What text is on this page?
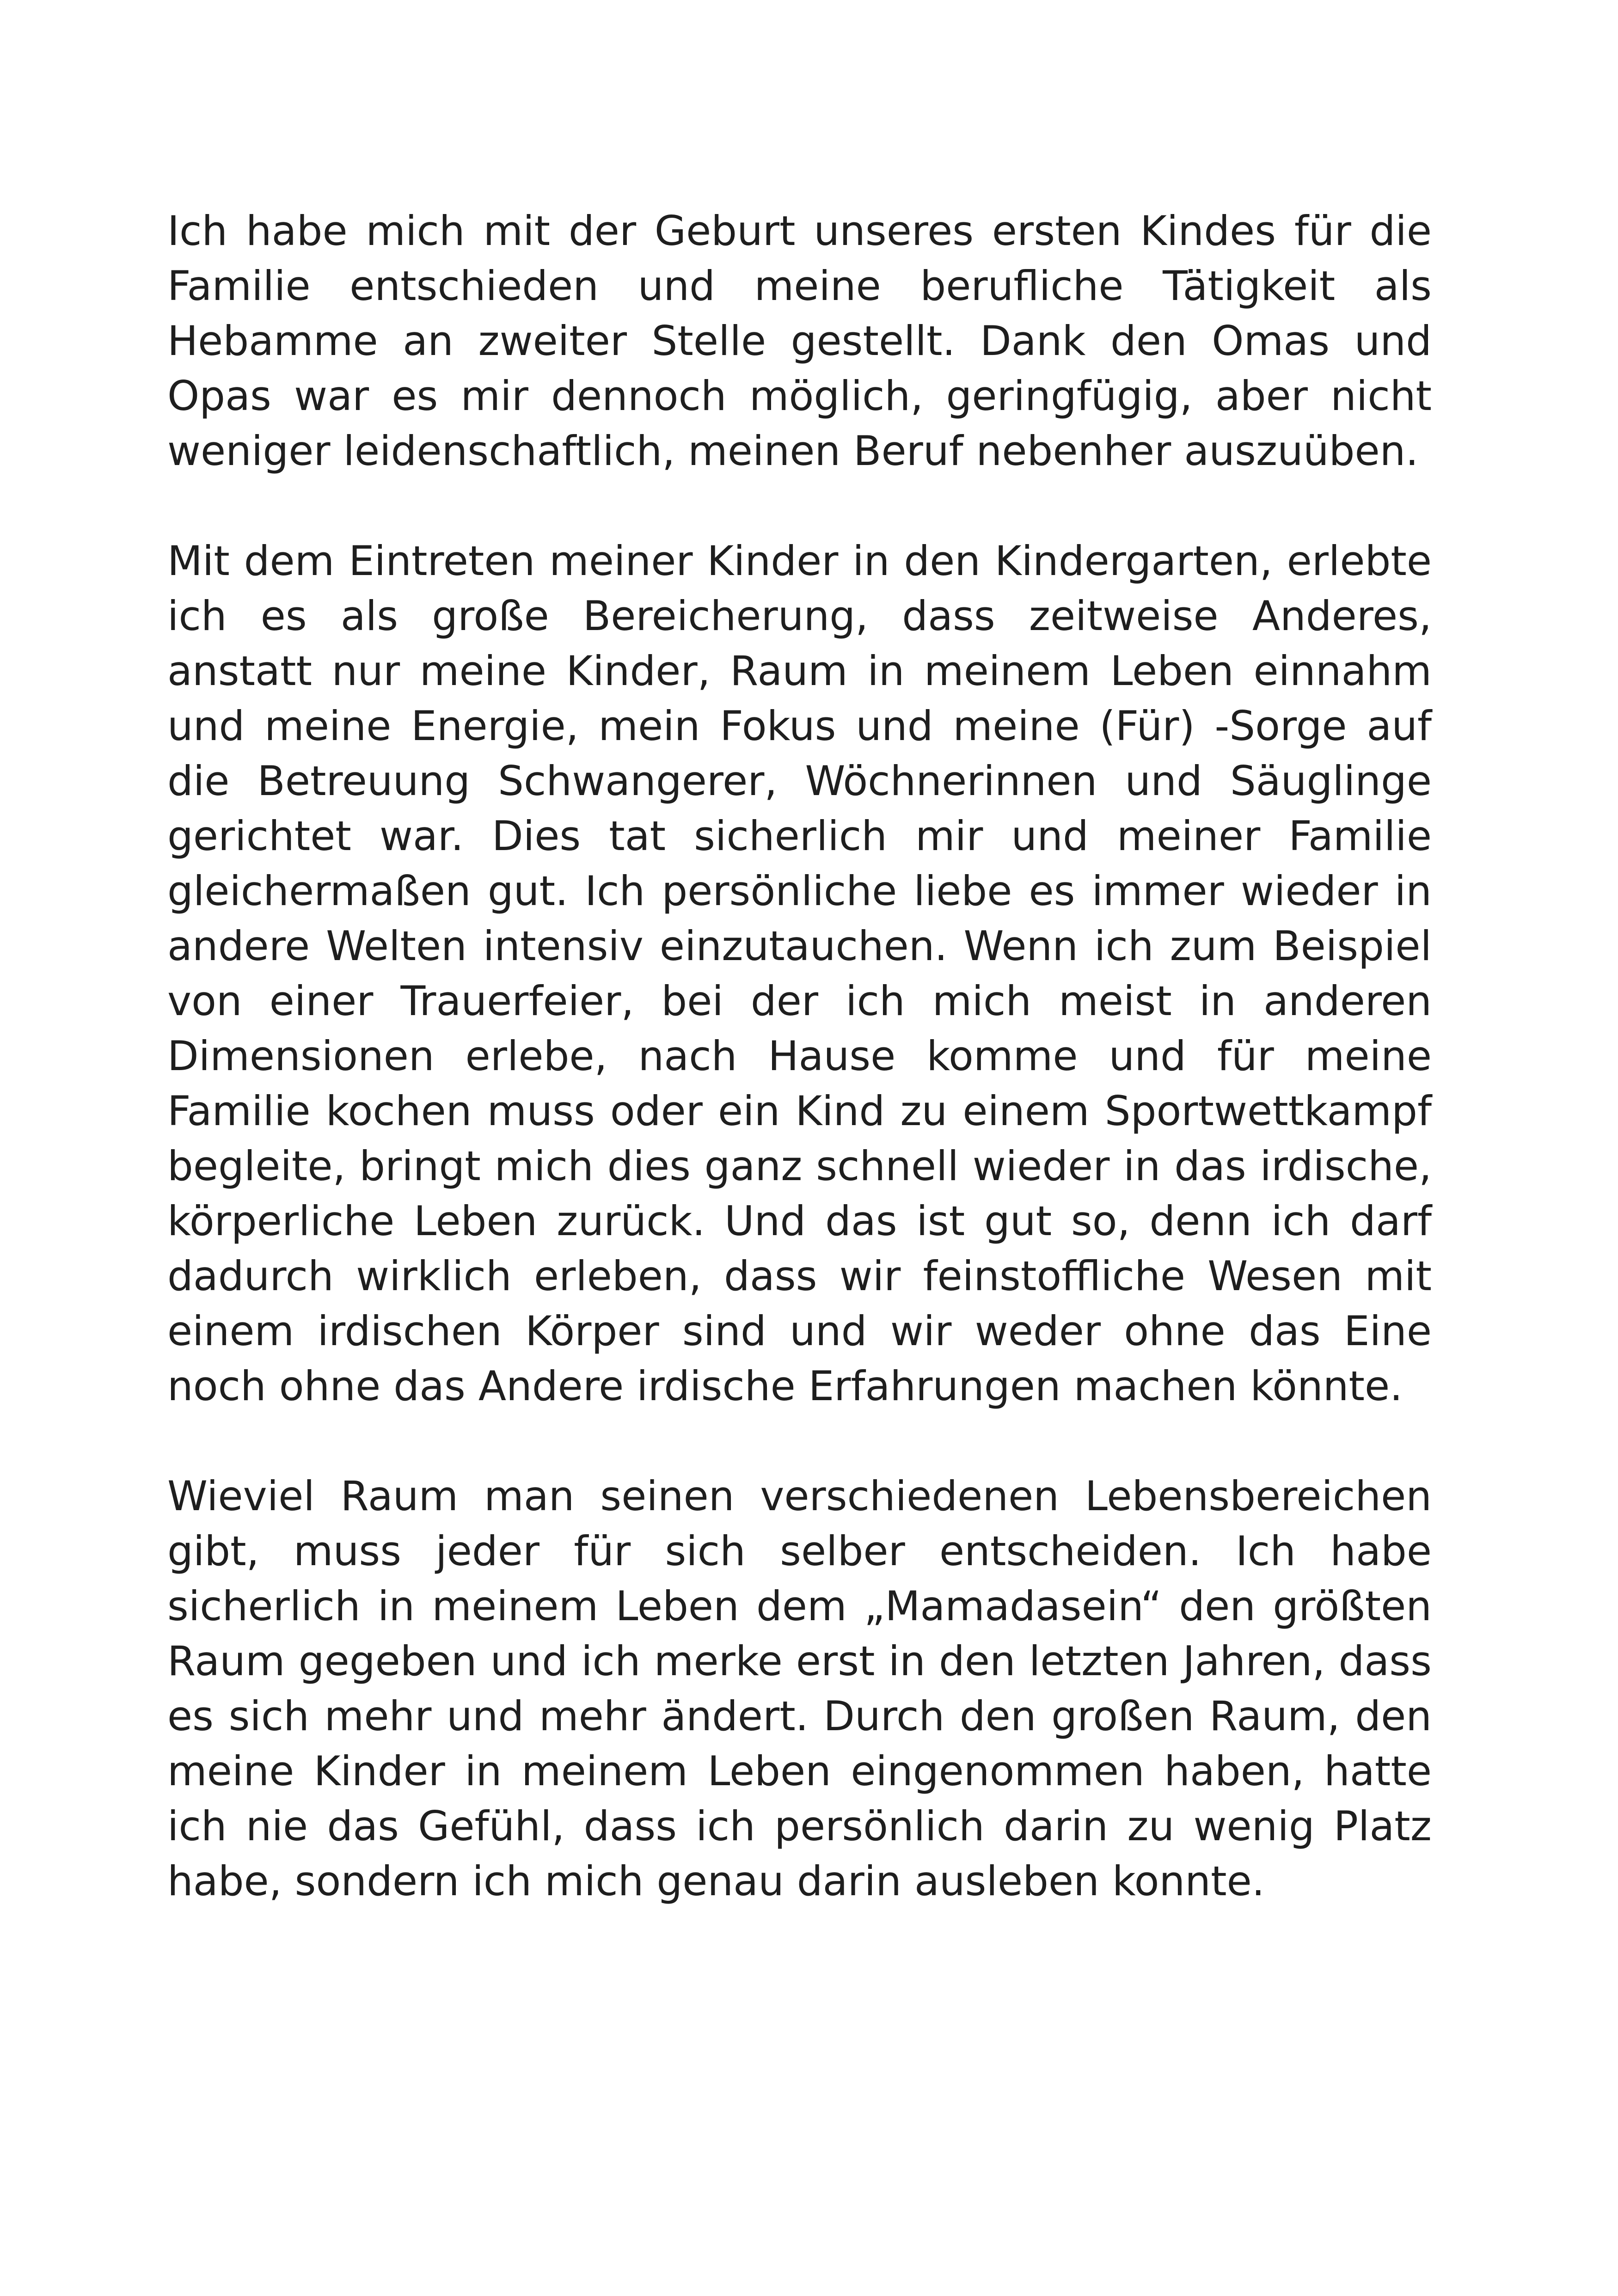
Ich habe mich mit der Geburt unseres ersten Kindes für die Familie entschieden und meine berufliche Tätigkeit als Hebamme an zweiter Stelle gestellt. Dank den Omas und Opas war es mir dennoch möglich, geringfügig, aber nicht weniger leidenschaftlich, meinen Beruf nebenher auszuüben.

Mit dem Eintreten meiner Kinder in den Kindergarten, erlebte ich es als große Bereicherung, dass zeitweise Anderes, anstatt nur meine Kinder, Raum in meinem Leben einnahm und meine Energie, mein Fokus und meine (Für) -Sorge auf die Betreuung Schwangerer, Wöchnerinnen und Säuglinge gerichtet war. Dies tat sicherlich mir und meiner Familie gleichermaßen gut. Ich persönliche liebe es immer wieder in andere Welten intensiv einzutauchen. Wenn ich zum Beispiel von einer Trauerfeier, bei der ich mich meist in anderen Dimensionen erlebe, nach Hause komme und für meine Familie kochen muss oder ein Kind zu einem Sportwettkampf begleite, bringt mich dies ganz schnell wieder in das irdische, körperliche Leben zurück. Und das ist gut so, denn ich darf dadurch wirklich erleben, dass wir feinstoffliche Wesen mit einem irdischen Körper sind und wir weder ohne das Eine noch ohne das Andere irdische Erfahrungen machen könnte.

Wieviel Raum man seinen verschiedenen Lebensbereichen gibt, muss jeder für sich selber entscheiden. Ich habe sicherlich in meinem Leben dem „Mamadasein“ den größten Raum gegeben und ich merke erst in den letzten Jahren, dass es sich mehr und mehr ändert. Durch den großen Raum, den meine Kinder in meinem Leben eingenommen haben, hatte ich nie das Gefühl, dass ich persönlich darin zu wenig Platz habe, sondern ich mich genau darin ausleben konnte.
